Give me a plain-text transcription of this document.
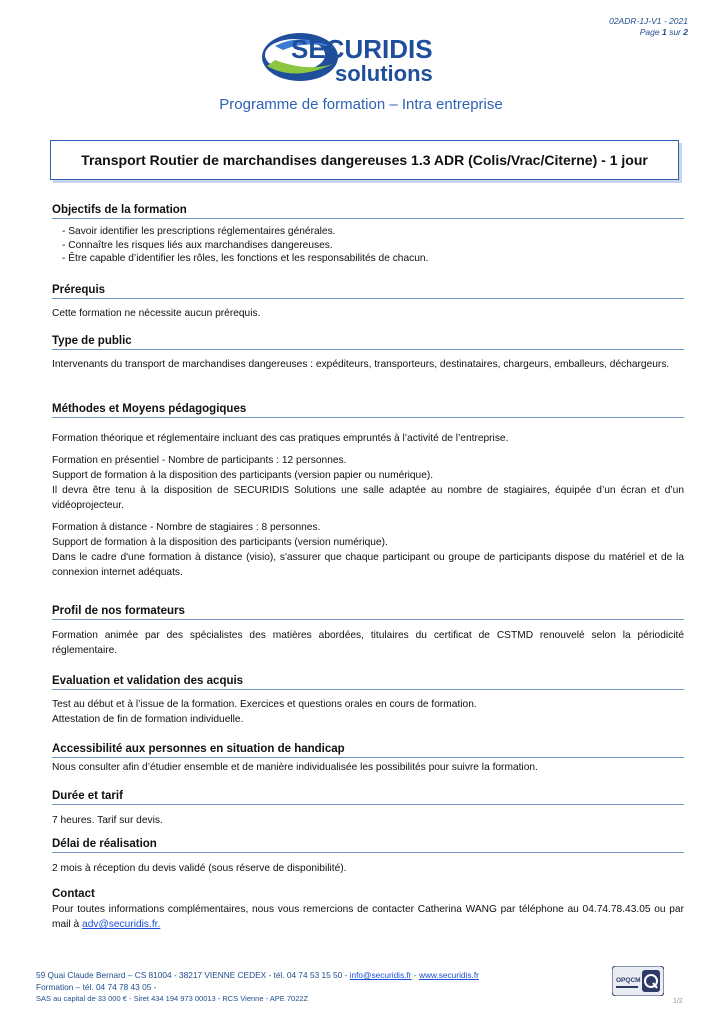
02ADR-1J-V1 - 2021
Page 1 sur 2
SECURIDIS
solutions
Programme de formation – Intra entreprise
Transport Routier de marchandises dangereuses 1.3 ADR (Colis/Vrac/Citerne) - 1 jour
Objectifs de la formation
- Savoir identifier les prescriptions réglementaires générales.
- Connaître les risques liés aux marchandises dangereuses.
- Être capable d’identifier les rôles, les fonctions et les responsabilités de chacun.
Prérequis
Cette formation ne nécessite aucun prérequis.
Type de public
Intervenants du transport de marchandises dangereuses : expéditeurs, transporteurs, destinataires, chargeurs, emballeurs, déchargeurs.
Méthodes et Moyens pédagogiques
Formation théorique et réglementaire incluant des cas pratiques empruntés à l’activité de l’entreprise.
Formation en présentiel - Nombre de participants : 12 personnes.
Support de formation à la disposition des participants (version papier ou numérique).
Il devra être tenu à la disposition de SECURIDIS Solutions une salle adaptée au nombre de stagiaires, équipée d’un écran et d’un vidéoprojecteur.
Formation à distance - Nombre de stagiaires : 8 personnes.
Support de formation à la disposition des participants (version numérique).
Dans le cadre d'une formation à distance (visio), s'assurer que chaque participant ou groupe de participants dispose du matériel et de la connexion internet adéquats.
Profil de nos formateurs
Formation animée par des spécialistes des matières abordées, titulaires du certificat de CSTMD renouvelé selon la périodicité réglementaire.
Evaluation et validation des acquis
Test au début et à l’issue de la formation. Exercices et questions orales en cours de formation.
Attestation de fin de formation individuelle.
Accessibilité aux personnes en situation de handicap
Nous consulter afin d’étudier ensemble et de manière individualisée les possibilités pour suivre la formation.
Durée et tarif
7 heures. Tarif sur devis.
Délai de réalisation
2 mois à réception du devis validé (sous réserve de disponibilité).
Contact
Pour toutes informations complémentaires, nous vous remercions de contacter Catherina WANG par téléphone au 04.74.78.43.05 ou par mail à adv@securidis.fr.
59 Quai Claude Bernard – CS 81004 - 38217 VIENNE CEDEX - tél. 04 74 53 15 50 - info@securidis.fr - www.securidis.fr
Formation – tél. 04 74 78 43 05 -
SAS au capital de 33 000 € - Siret 434 194 973 00013 - RCS Vienne - APE 7022Z
OPQCM
1/2
